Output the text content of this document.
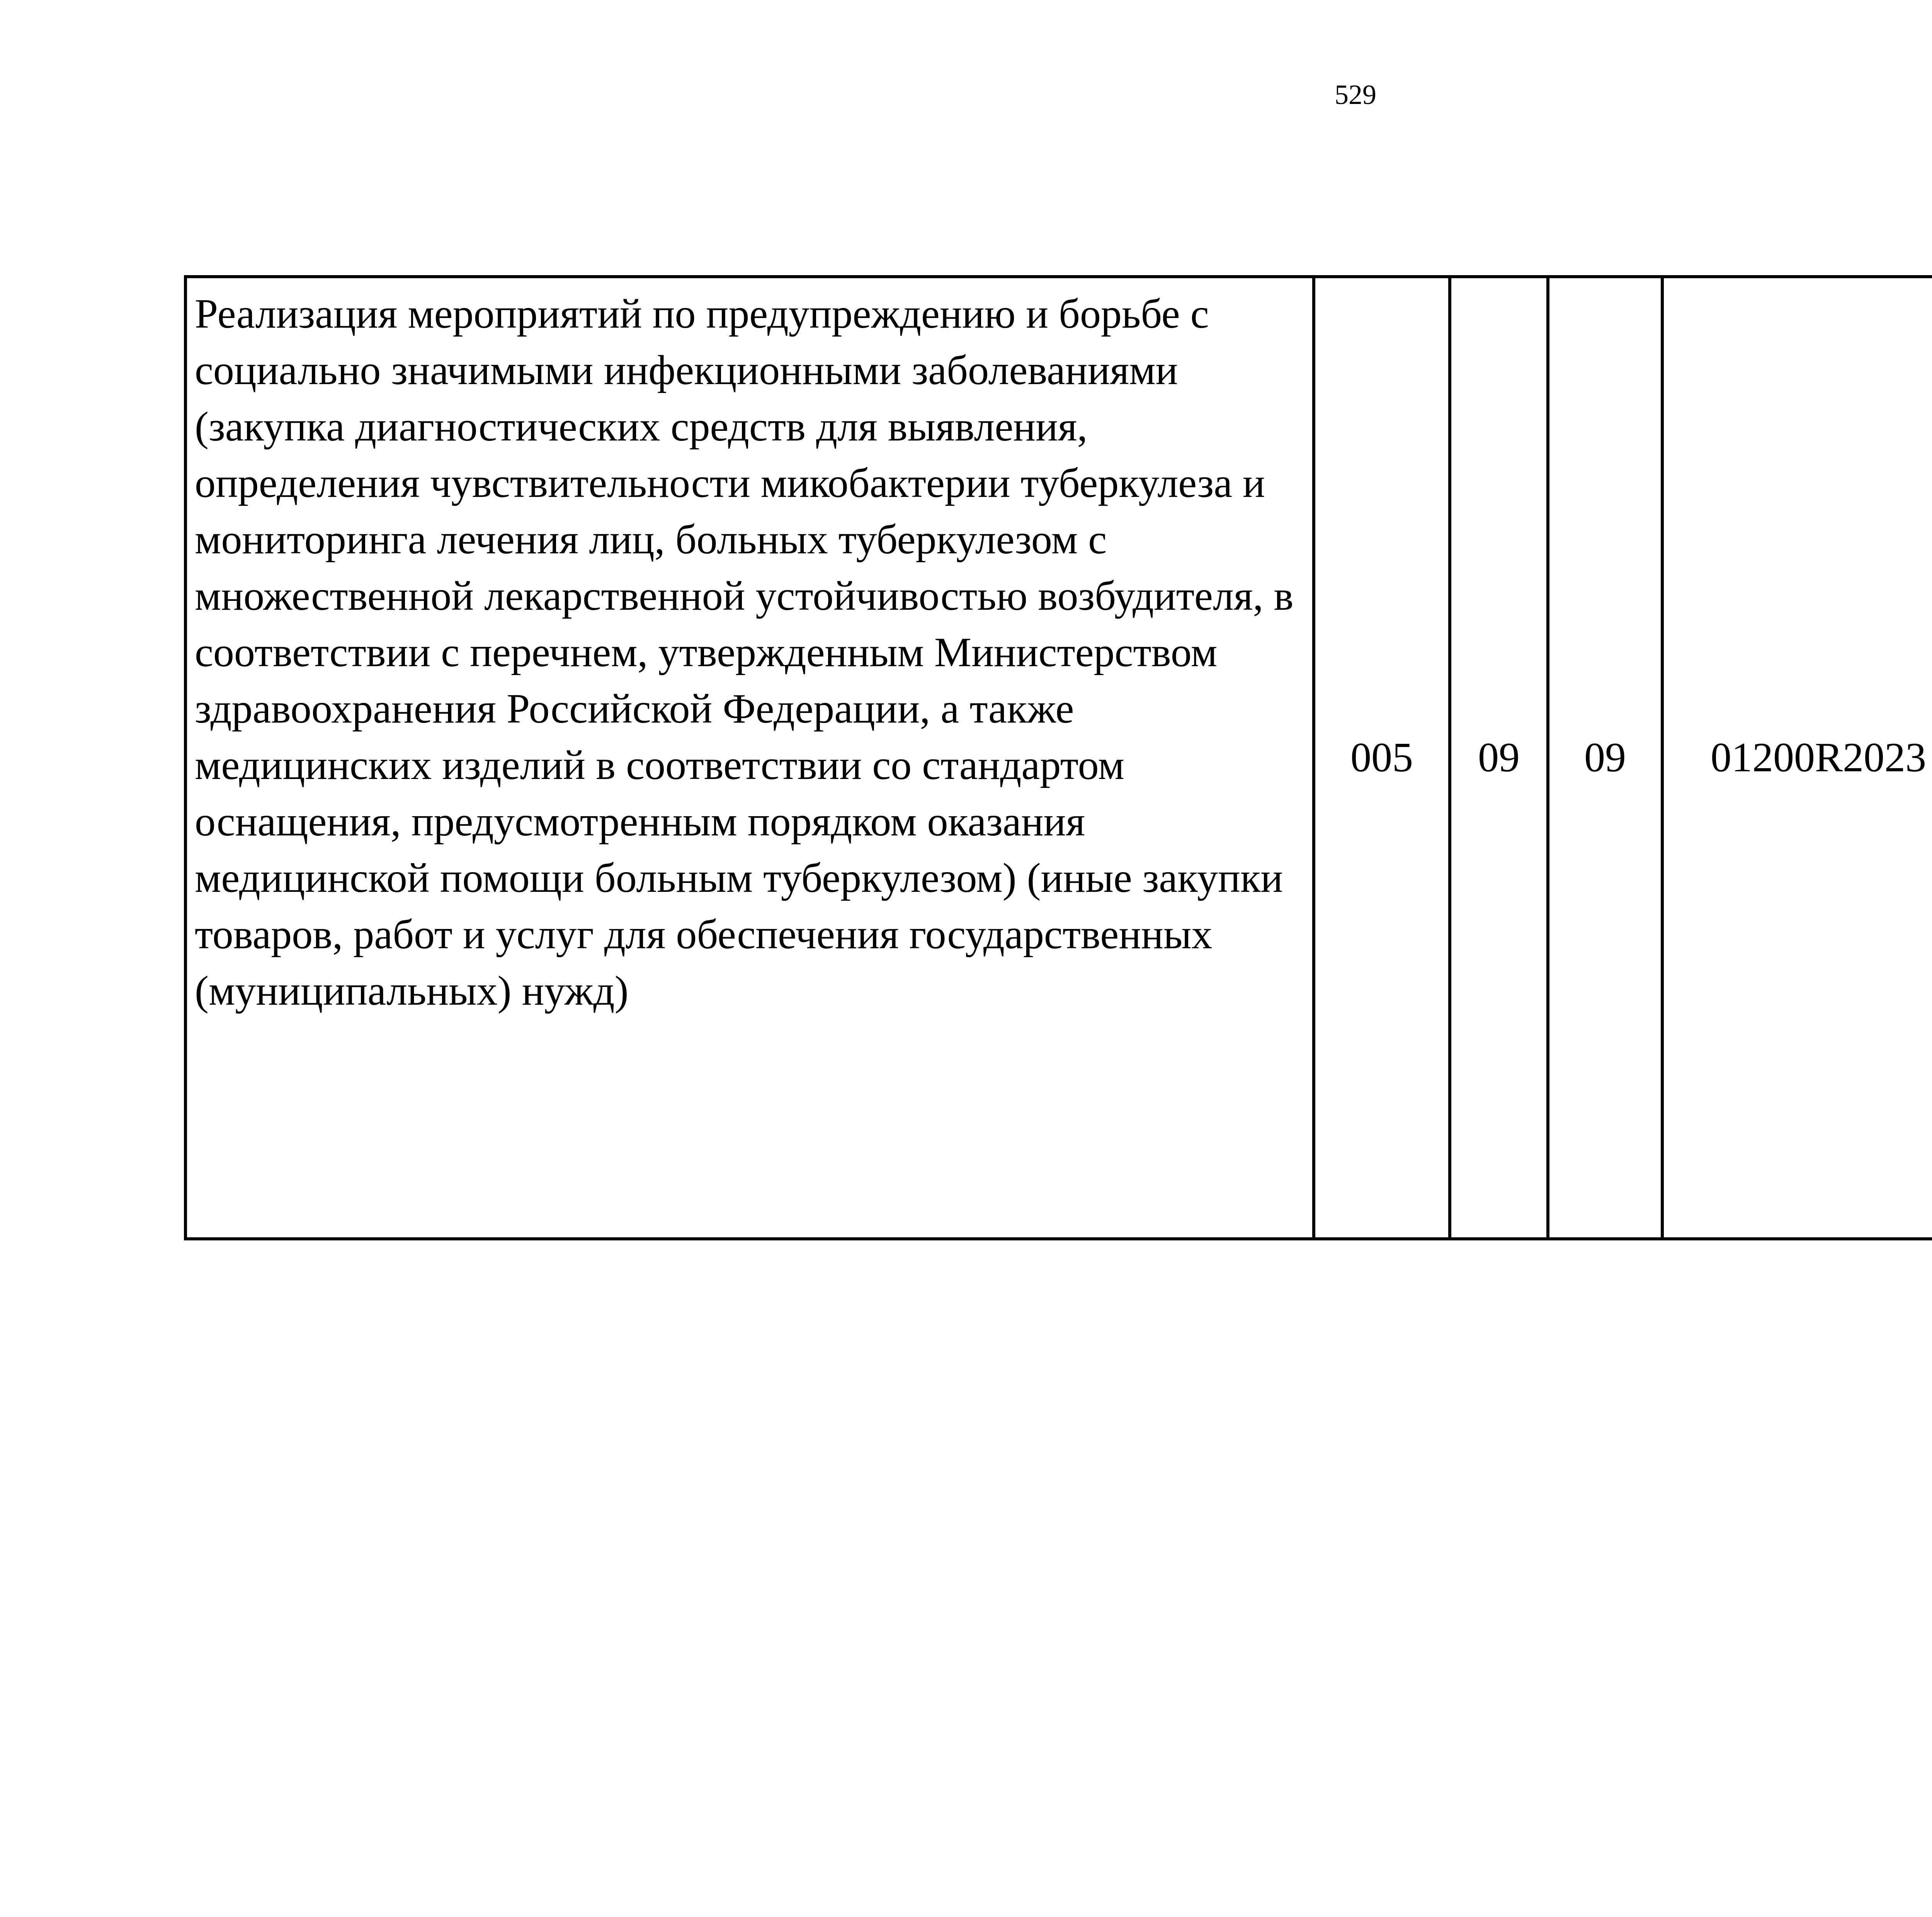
529
Реализация мероприятий по предупреждению и борьбе с социально значимыми инфекционными заболеваниями (закупка диагностических средств для выявления, определения чувствительности микобактерии туберкулеза и мониторинга лечения лиц, больных туберкулезом с множественной лекарственной устойчивостью возбудителя, в соответствии с перечнем, утвержденным Министерством здравоохранения Российской Федерации, а также медицинских изделий в соответствии со стандартом оснащения, предусмотренным порядком оказания медицинской помощи больным туберкулезом) (иные закупки товаров, работ и услуг для обеспечения государственных (муниципальных) нужд)	005	09	09	01200R2023		
